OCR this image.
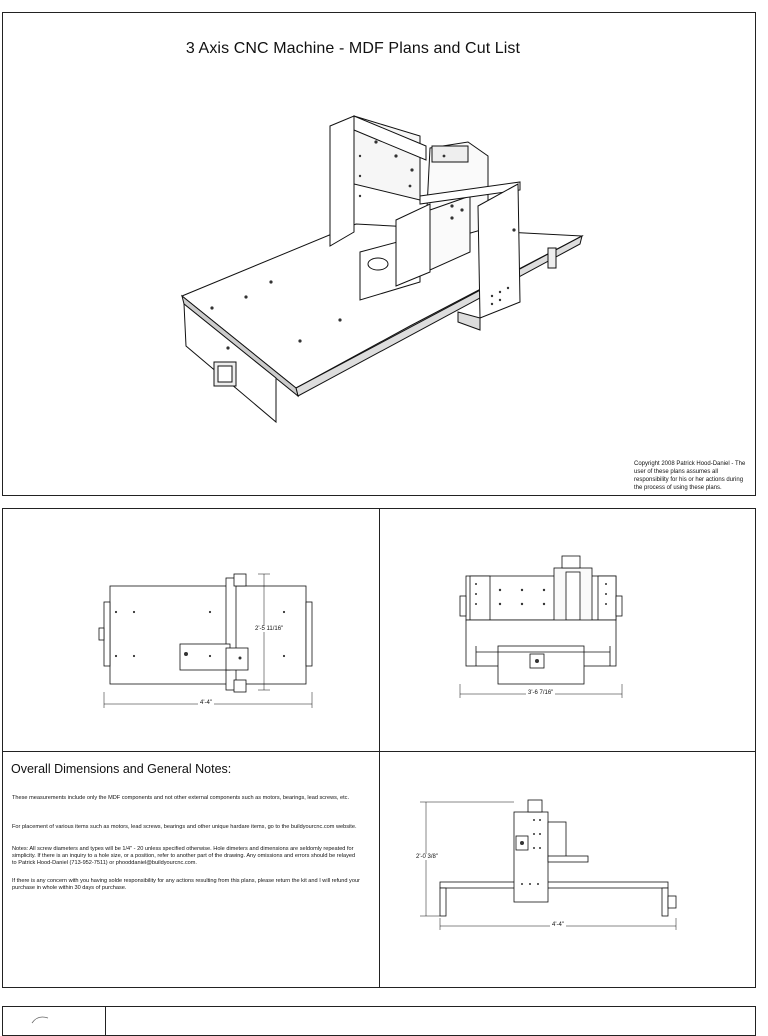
3 Axis CNC Machine - MDF Plans and Cut List
Copyright 2008 Patrick Hood-Daniel - The user of these plans assumes all responsibility for his or her actions during the process of using these plans.
4'-4"
2'-5 11/16"
3'-6 7/16"
Overall Dimensions and General Notes:
These measurements include only the MDF components and not other external components such as motors, bearings, lead screws, etc.
For placement of various items such as motors, lead screws, bearings and other unique hardare items, go to the buildyourcnc.com website.
Notes: All screw diameters and types will be 1/4" - 20 unless specified otherwise. Hole dimeters and dimensions are seldomly repeated for simplicity. If there is an inquiry to a hole size, or a position, refer to another part of the drawing. Any omissions and errors should be relayed to Patrick Hood-Daniel (713-952-7511) or phooddaniel@buildyourcnc.com.
If there is any concern with you having solde responsibility for any actions resulting from this plans, please return the kit and I will refund your purchase in whole within 30 days of purchase.
2'-0 3/8"
4'-4"
